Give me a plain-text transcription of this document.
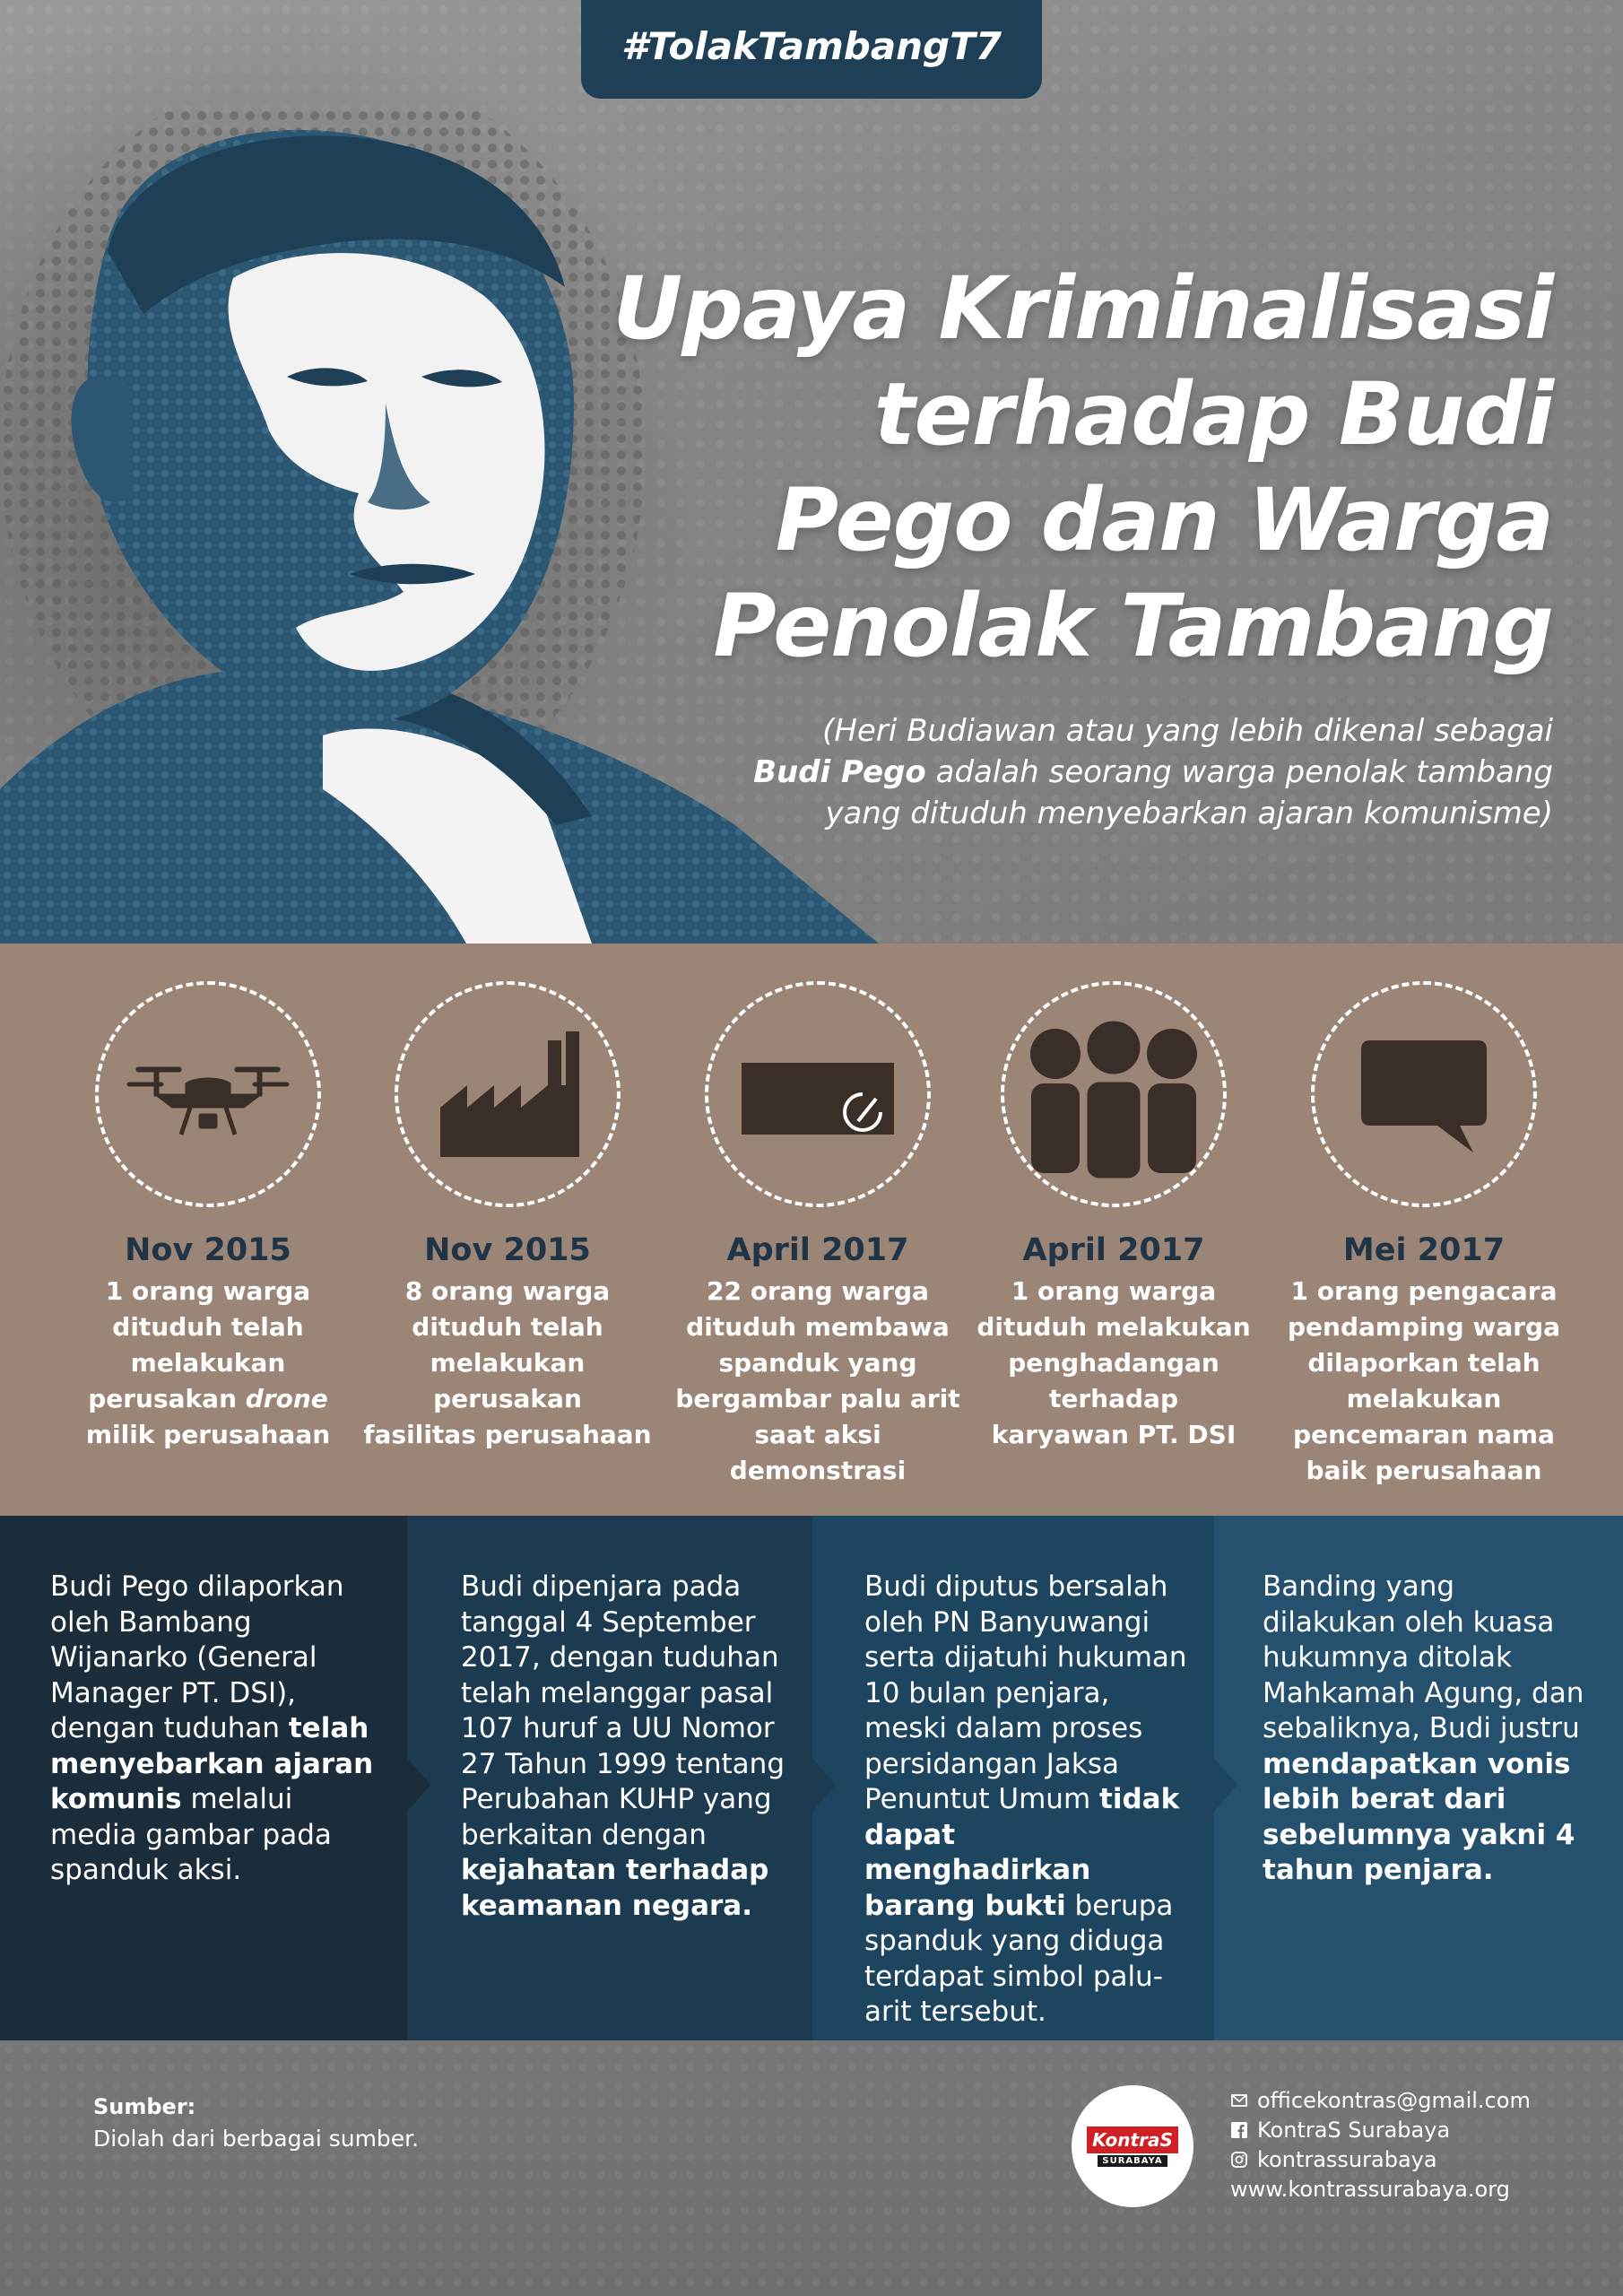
#TolakTambangT7
Upaya Kriminalisasi
terhadap Budi
Pego dan Warga
Penolak Tambang

(Heri Budiawan atau yang lebih dikenal sebagai
Budi Pego adalah seorang warga penolak tambang
yang dituduh menyebarkan ajaran komunisme)

Nov 2015
1 orang warga
dituduh telah
melakukan
perusakan drone
milik perusahaan
Nov 2015
8 orang warga
dituduh telah
melakukan
perusakan
fasilitas perusahaan
April 2017
22 orang warga
dituduh membawa
spanduk yang
bergambar palu arit
saat aksi demonstrasi
April 2017
1 orang warga
dituduh melakukan
penghadangan
terhadap
karyawan PT. DSI
Mei 2017
1 orang pengacara
pendamping warga
dilaporkan telah
melakukan
pencemaran nama
baik perusahaan
Budi Pego dilaporkan oleh Bambang Wijanarko (General Manager PT. DSI), dengan tuduhan telah menyebarkan ajaran komunis melalui media gambar pada spanduk aksi.
Budi dipenjara pada tanggal 4 September 2017, dengan tuduhan telah melanggar pasal 107 huruf a UU Nomor 27 Tahun 1999 tentang Perubahan KUHP yang berkaitan dengan kejahatan terhadap keamanan negara.
Budi diputus bersalah oleh PN Banyuwangi serta dijatuhi hukuman 10 bulan penjara, meski dalam proses persidangan Jaksa Penuntut Umum tidak dapat menghadirkan barang bukti berupa spanduk yang diduga terdapat simbol palu-arit tersebut.
Banding yang dilakukan oleh kuasa hukumnya ditolak Mahkamah Agung, dan sebaliknya, Budi justru mendapatkan vonis lebih berat dari sebelumnya yakni 4 tahun penjara.
Sumber:
Diolah dari berbagai sumber.	KontraS
SURABAYA
officekontras@gmail.com
KontraS Surabaya
kontrassurabaya
www.kontrassurabaya.org
